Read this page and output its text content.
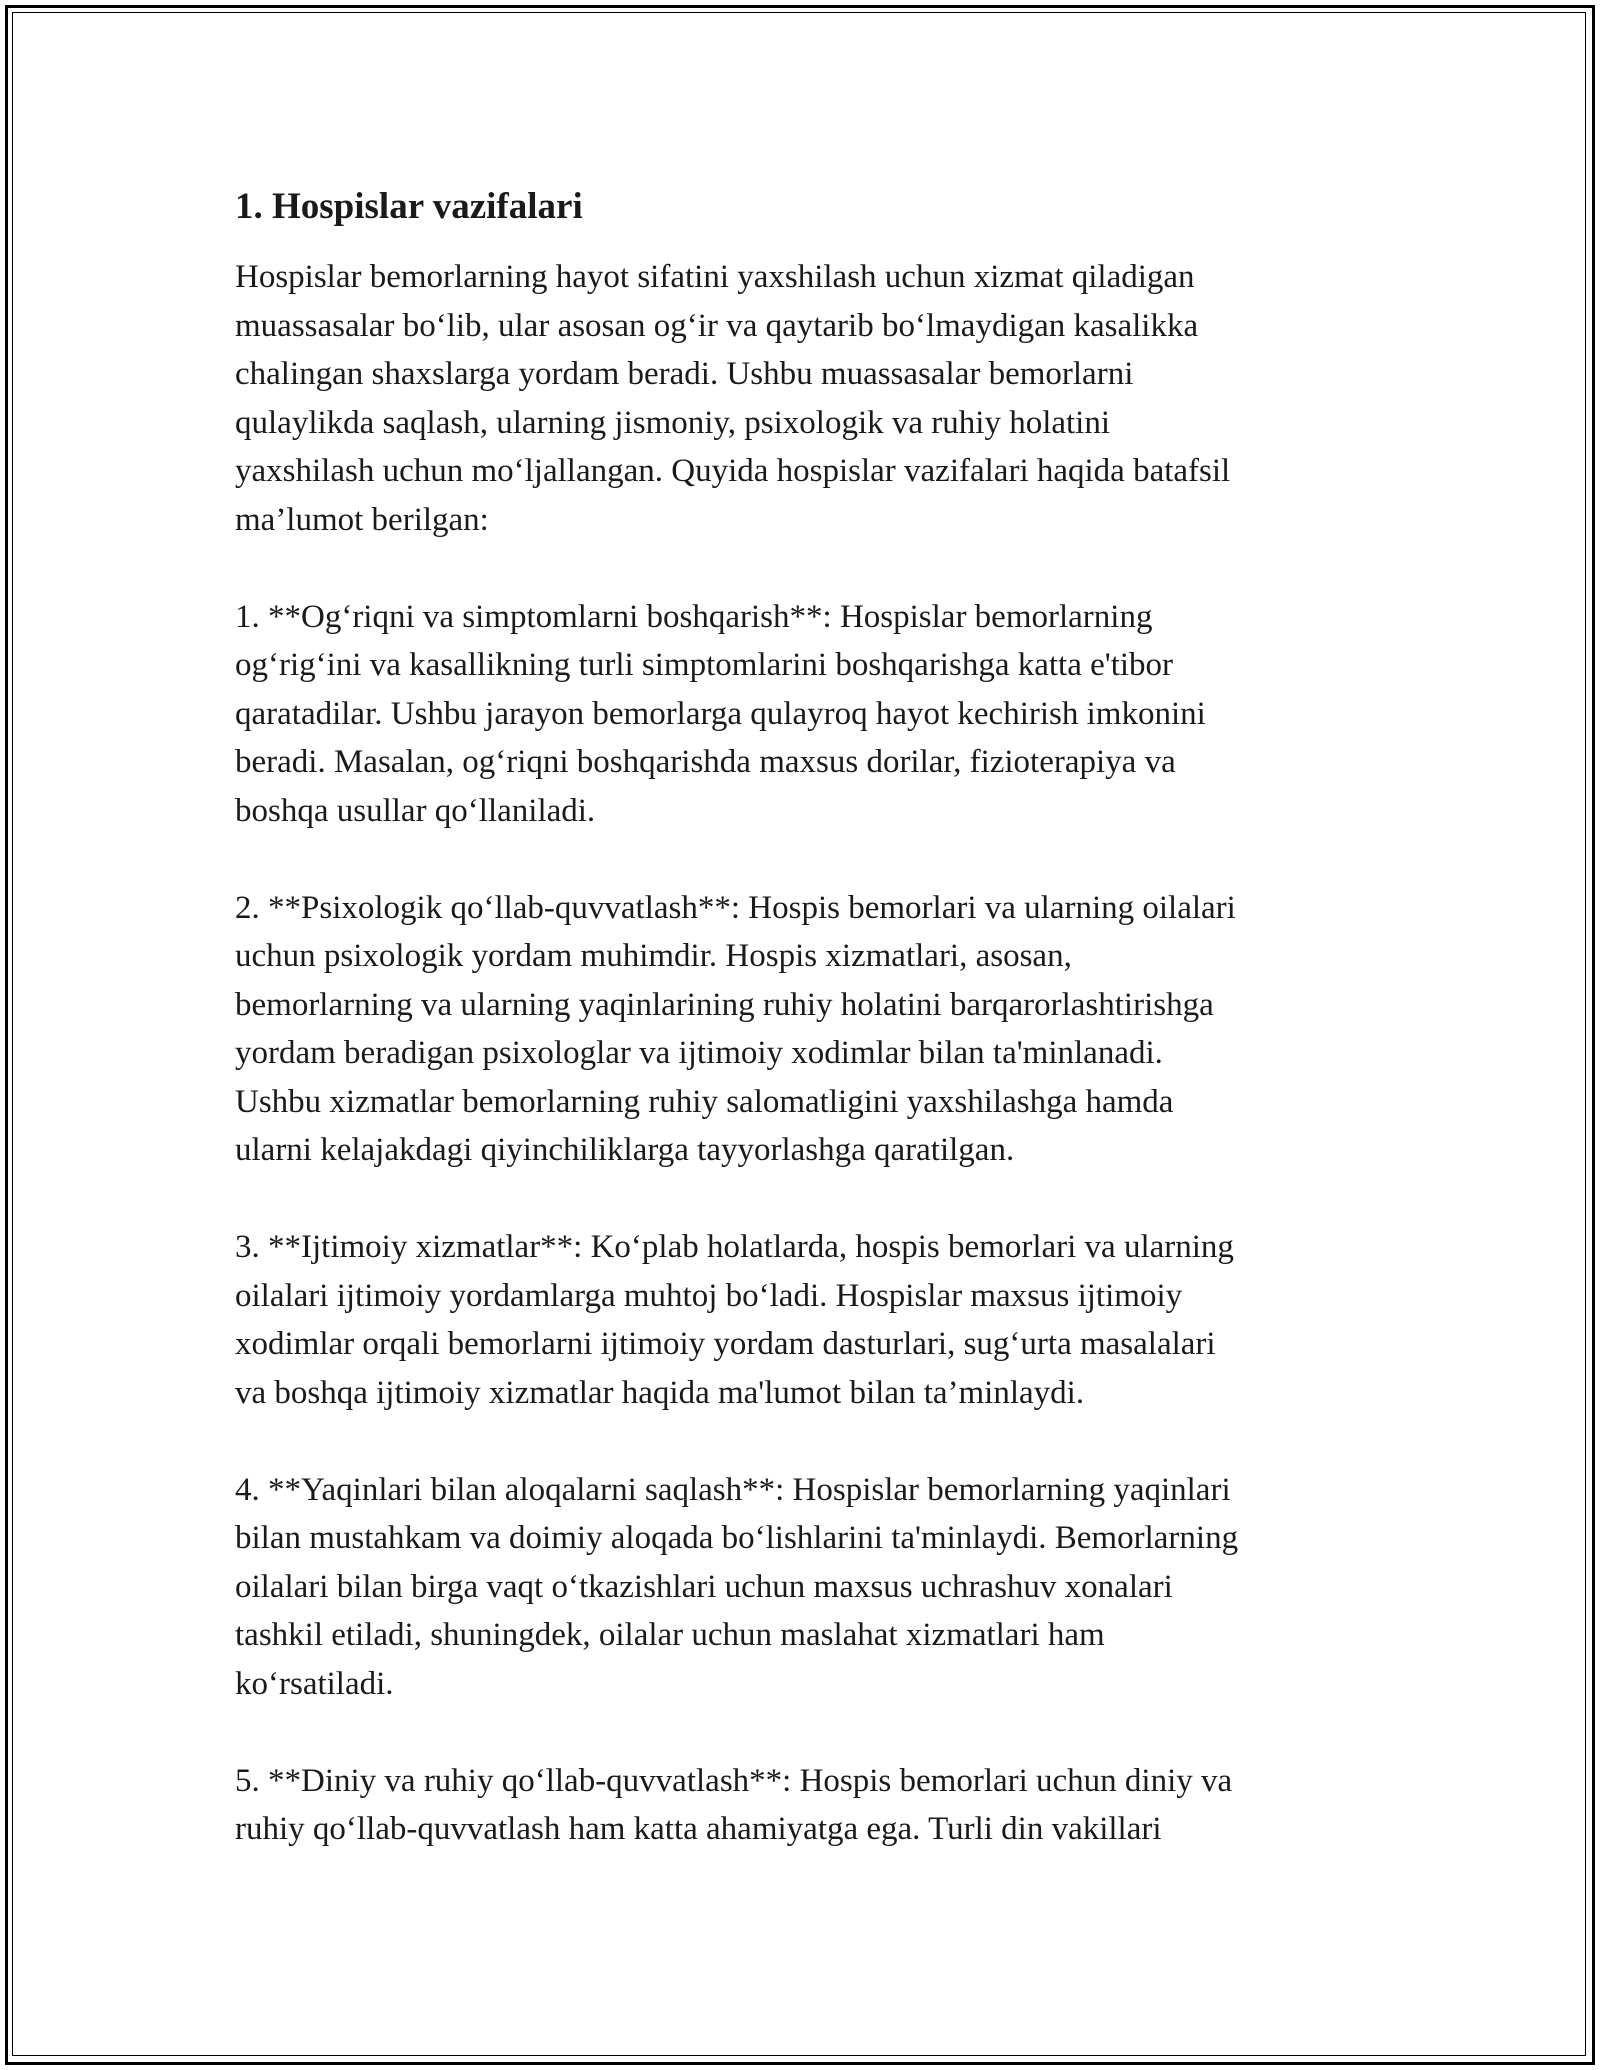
1. Hospislar vazifalari
Hospislar bemorlarning hayot sifatini yaxshilash uchun xizmat qiladigan
muassasalar bo‘lib, ular asosan og‘ir va qaytarib bo‘lmaydigan kasalikka
chalingan shaxslarga yordam beradi. Ushbu muassasalar bemorlarni
qulaylikda saqlash, ularning jismoniy, psixologik va ruhiy holatini
yaxshilash uchun mo‘ljallangan. Quyida hospislar vazifalari haqida batafsil
ma’lumot berilgan:
1. **Og‘riqni va simptomlarni boshqarish**: Hospislar bemorlarning
og‘rig‘ini va kasallikning turli simptomlarini boshqarishga katta e'tibor
qaratadilar. Ushbu jarayon bemorlarga qulayroq hayot kechirish imkonini
beradi. Masalan, og‘riqni boshqarishda maxsus dorilar, fizioterapiya va
boshqa usullar qo‘llaniladi.
2. **Psixologik qo‘llab-quvvatlash**: Hospis bemorlari va ularning oilalari
uchun psixologik yordam muhimdir. Hospis xizmatlari, asosan,
bemorlarning va ularning yaqinlarining ruhiy holatini barqarorlashtirishga
yordam beradigan psixologlar va ijtimoiy xodimlar bilan ta'minlanadi.
Ushbu xizmatlar bemorlarning ruhiy salomatligini yaxshilashga hamda
ularni kelajakdagi qiyinchiliklarga tayyorlashga qaratilgan.
3. **Ijtimoiy xizmatlar**: Ko‘plab holatlarda, hospis bemorlari va ularning
oilalari ijtimoiy yordamlarga muhtoj bo‘ladi. Hospislar maxsus ijtimoiy
xodimlar orqali bemorlarni ijtimoiy yordam dasturlari, sug‘urta masalalari
va boshqa ijtimoiy xizmatlar haqida ma'lumot bilan ta’minlaydi.
4. **Yaqinlari bilan aloqalarni saqlash**: Hospislar bemorlarning yaqinlari
bilan mustahkam va doimiy aloqada bo‘lishlarini ta'minlaydi. Bemorlarning
oilalari bilan birga vaqt o‘tkazishlari uchun maxsus uchrashuv xonalari
tashkil etiladi, shuningdek, oilalar uchun maslahat xizmatlari ham
ko‘rsatiladi.
5. **Diniy va ruhiy qo‘llab-quvvatlash**: Hospis bemorlari uchun diniy va
ruhiy qo‘llab-quvvatlash ham katta ahamiyatga ega. Turli din vakillari
